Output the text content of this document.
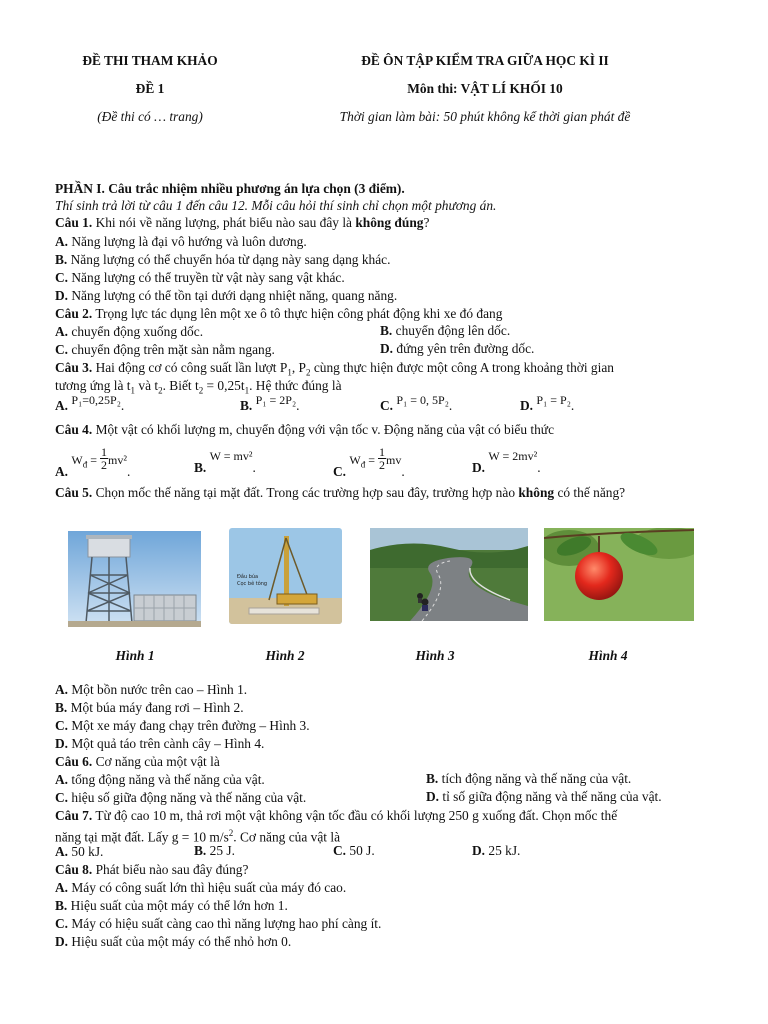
ĐỀ THI THAM KHẢO
ĐỀ 1
(Đề thi có … trang)
ĐỀ ÔN TẬP KIỂM TRA GIỮA HỌC KÌ II
Môn thi: VẬT LÍ KHỐI 10
Thời gian làm bài: 50 phút không kể thời gian phát đề
PHẦN I. Câu trắc nhiệm nhiều phương án lựa chọn (3 điểm).
Thí sinh trả lời từ câu 1 đến câu 12. Mỗi câu hỏi thí sinh chỉ chọn một phương án.
Câu 1. Khi nói về năng lượng, phát biểu nào sau đây là không đúng?
A. Năng lượng là đại vô hướng và luôn dương.
B. Năng lượng có thể chuyển hóa từ dạng này sang dạng khác.
C. Năng lượng có thể truyền từ vật này sang vật khác.
D. Năng lượng có thể tồn tại dưới dạng nhiệt năng, quang năng.
Câu 2. Trọng lực tác dụng lên một xe ô tô thực hiện công phát động khi xe đó đang
A. chuyển động xuống dốc.	B. chuyển động lên dốc.
C. chuyển động trên mặt sàn nằm ngang.	D. đứng yên trên đường dốc.
Câu 3. Hai động cơ có công suất lần lượt $P_1$, $P_2$ cùng thực hiện được một công A trong khoảng thời gian
tương ứng là $t_1$ và $t_2$. Biết $t_2 = 0,25t_1$. Hệ thức đúng là
A. P₁=0,25P₂.	B. P₁ = 2P₂.	C. P₁ = 0, 5P₂.	D. P₁ = P₂.
Câu 4. Một vật có khối lượng m, chuyển động với vận tốc v. Động năng của vật có biểu thức
A. $W_đ = \frac{1}{2} mv^2$.	B. W = mv².	C. $W_đ = \frac{1}{2}$ mv.	D. W = 2mv².
Câu 5. Chọn mốc thế năng tại mặt đất. Trong các trường hợp sau đây, trường hợp nào không có thế năng?
Đầu búa
Cọc bê tông
Hình 1	Hình 2	Hình 3	Hình 4
A. Một bồn nước trên cao – Hình 1.
B. Một búa máy đang rơi – Hình 2.
C. Một xe máy đang chạy trên đường – Hình 3.
D. Một quả táo trên cành cây – Hình 4.
Câu 6. Cơ năng của một vật là
A. tổng động năng và thế năng của vật.	B. tích động năng và thế năng của vật.
C. hiệu số giữa động năng và thế năng của vật.	D. tỉ số giữa động năng và thế năng của vật.
Câu 7. Từ độ cao 10 m, thả rơi một vật không vận tốc đầu có khối lượng 250 g xuống đất. Chọn mốc thế
năng tại mặt đất. Lấy g = 10 $m/s^2$. Cơ năng của vật là
A. 50 kJ.	B. 25 J.	C. 50 J.	D. 25 kJ.
Câu 8. Phát biểu nào sau đây đúng?
A. Máy có công suất lớn thì hiệu suất của máy đó cao.
B. Hiệu suất của một máy có thể lớn hơn 1.
C. Máy có hiệu suất càng cao thì năng lượng hao phí càng ít.
D. Hiệu suất của một máy có thể nhỏ hơn 0.
